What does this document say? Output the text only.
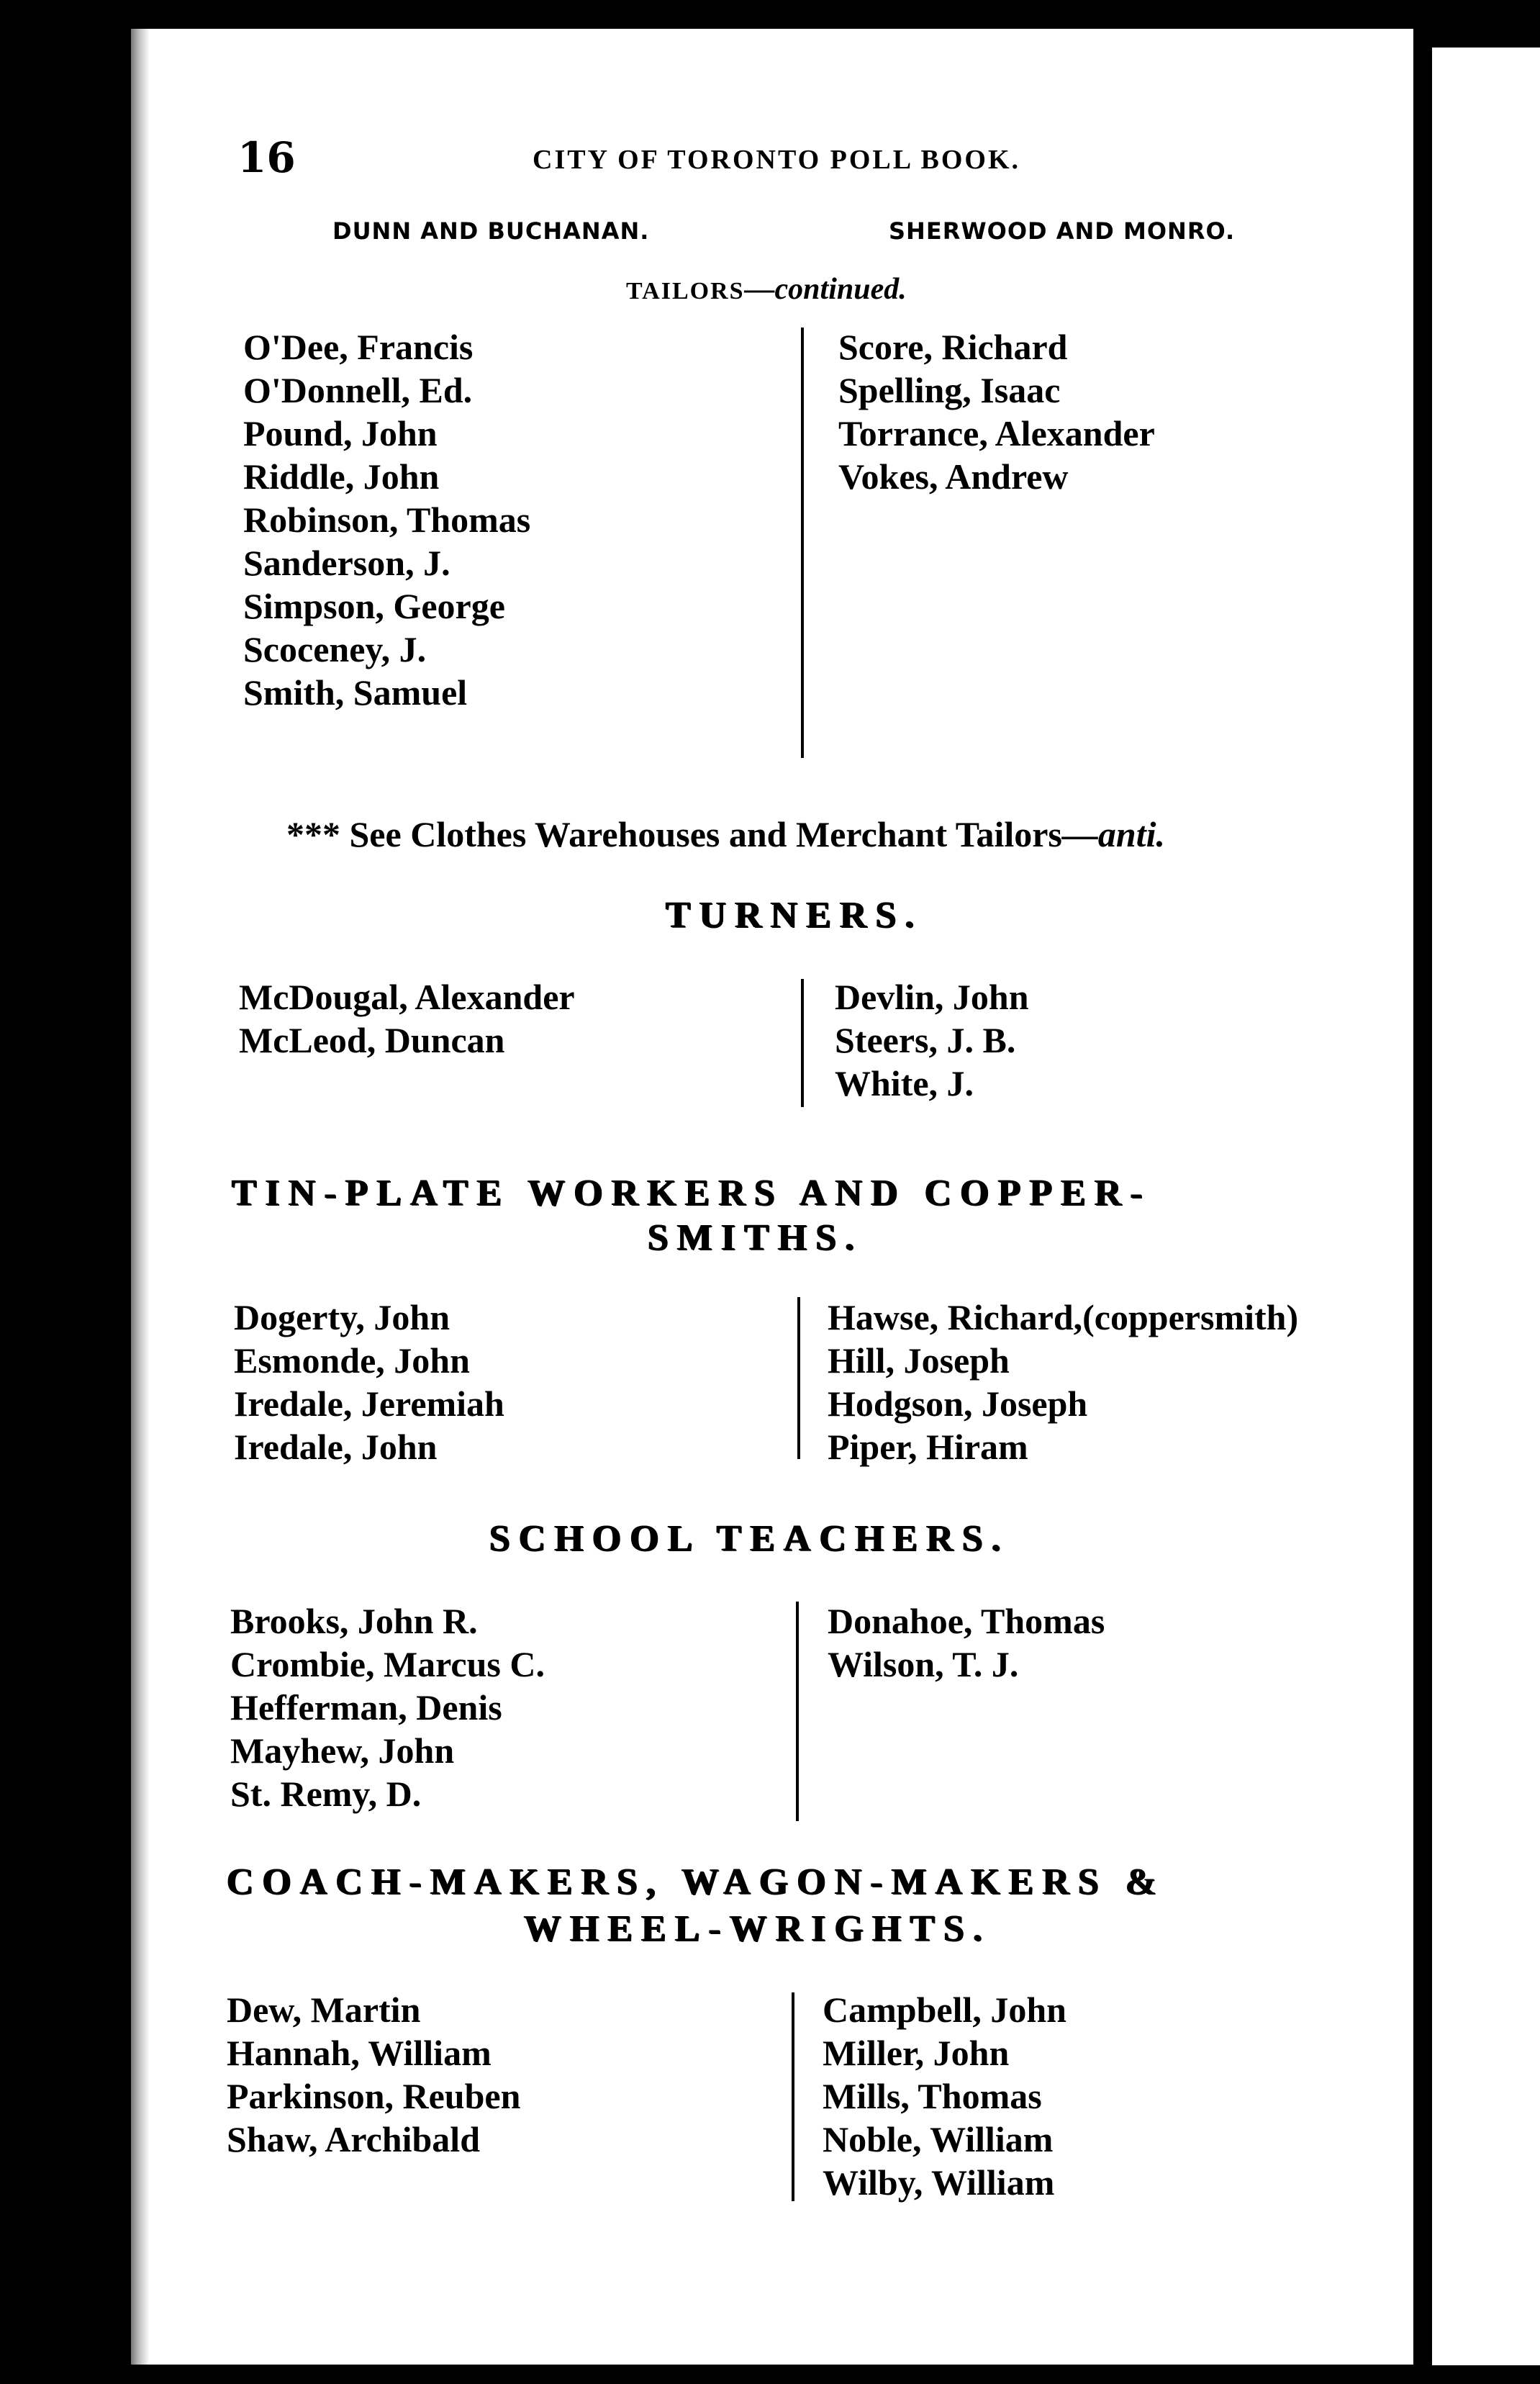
16	CITY OF TORONTO POLL BOOK.
DUNN AND BUCHANAN.	SHERWOOD AND MONRO.
TAILORS—continued.
O'Dee, Francis
O'Donnell, Ed.
Pound, John
Riddle, John
Robinson, Thomas
Sanderson, J.
Simpson, George
Scoceney, J.
Smith, Samuel
Score, Richard
Spelling, Isaac
Torrance, Alexander
Vokes, Andrew
*** See Clothes Warehouses and Merchant Tailors—anti.
TURNERS.
McDougal, Alexander
McLeod, Duncan
Devlin, John
Steers, J. B.
White, J.
TIN-PLATE WORKERS AND COPPER-
SMITHS.
Dogerty, John
Esmonde, John
Iredale, Jeremiah
Iredale, John
Hawse, Richard,(coppersmith)
Hill, Joseph
Hodgson, Joseph
Piper, Hiram
SCHOOL TEACHERS.
Brooks, John R.
Crombie, Marcus C.
Hefferman, Denis
Mayhew, John
St. Remy, D.
Donahoe, Thomas
Wilson, T. J.
COACH-MAKERS, WAGON-MAKERS &
WHEEL-WRIGHTS.
Dew, Martin
Hannah, William
Parkinson, Reuben
Shaw, Archibald
Campbell, John
Miller, John
Mills, Thomas
Noble, William
Wilby, William
